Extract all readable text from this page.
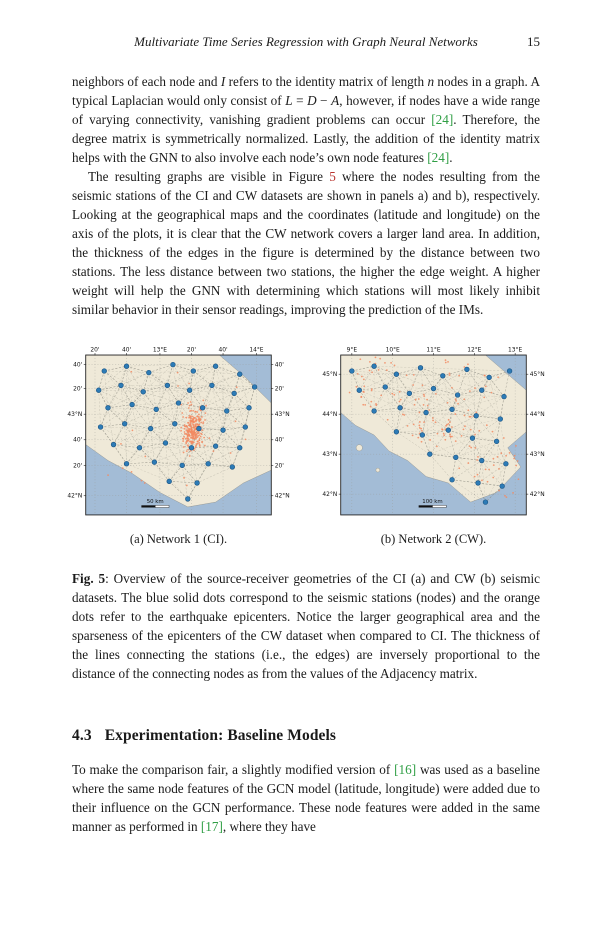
Multivariate Time Series Regression with Graph Neural Networks	15

neighbors of each node and I refers to the identity matrix of length n nodes in a graph. A typical Laplacian would only consist of L = D − A, however, if nodes have a wide range of varying connectivity, vanishing gradient problems can occur [24]. Therefore, the degree matrix is symmetrically normalized. Lastly, the addition of the identity matrix helps with the GNN to also involve each node’s own node features [24].

The resulting graphs are visible in Figure 5 where the nodes resulting from the seismic stations of the CI and CW datasets are shown in panels a) and b), respectively. Looking at the geographical maps and the coordinates (latitude and longitude) on the axis of the plots, it is clear that the CW network covers a larger land area. In addition, the thickness of the edges in the figure is determined by the distance between two stations. The less distance between two stations, the higher the edge weight. A higher weight will help the GNN with determining which stations will most likely inhibit similar behavior in their sensor readings, improving the prediction of the IMs.

20'	40'	13°E	20'	40'	14°E
40'	40'
20'	20'
43°N	43°N
40'	40'
20'	20'
42°N	42°N
50 km
(a) Network 1 (CI).
9°E	10°E	11°E	12°E	13°E
45°N	45°N
44°N	44°N
43°N	43°N
42°N	42°N
100 km
(b) Network 2 (CW).

Fig. 5: Overview of the source-receiver geometries of the CI (a) and CW (b) seismic datasets. The blue solid dots correspond to the seismic stations (nodes) and the orange dots refer to the earthquake epicenters. Notice the larger geographical area and the sparseness of the epicenters of the CW dataset when compared to CI. The thickness of the lines connecting the stations (i.e., the edges) are inversely proportional to the distance of the connecting nodes as from the values of the Adjacency matrix.

4.3 Experimentation: Baseline Models

To make the comparison fair, a slightly modified version of [16] was used as a baseline where the same node features of the GCN model (latitude, longitude) were added due to their influence on the GCN performance. These node features were added in the same manner as performed in [17], where they have
